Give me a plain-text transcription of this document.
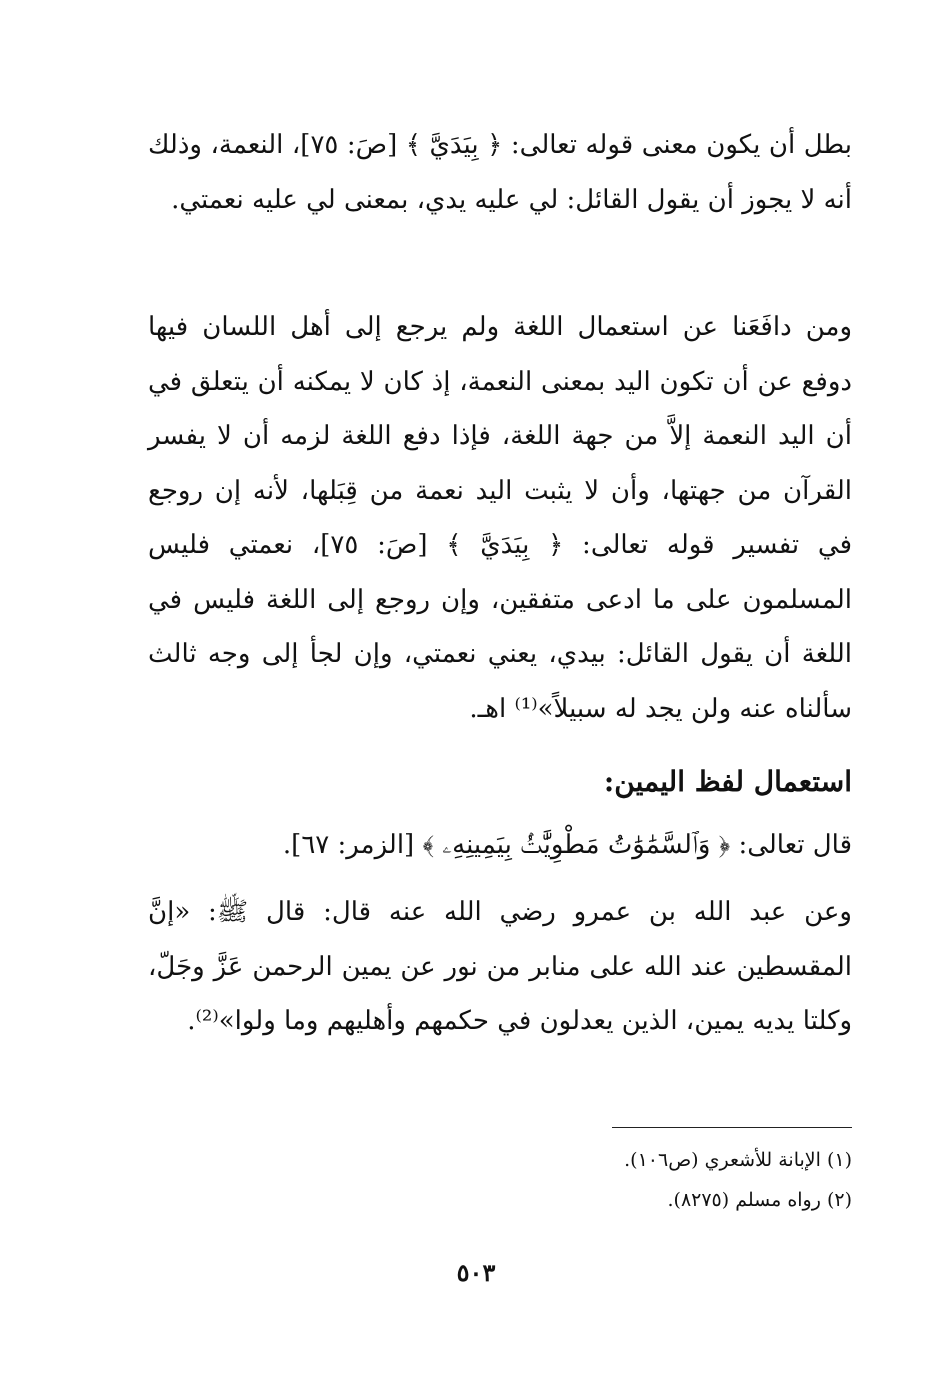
بطل أن يكون معنى قوله تعالى: ﴿ بِيَدَيَّ ﴾ [صَ: ٧٥]، النعمة، وذلك أنه لا يجوز أن يقول القائل: لي عليه يدي، بمعنى لي عليه نعمتي.

ومن دافَعَنا عن استعمال اللغة ولم يرجع إلى أهل اللسان فيها دوفع عن أن تكون اليد بمعنى النعمة، إذ كان لا يمكنه أن يتعلق في أن اليد النعمة إلاَّ من جهة اللغة، فإذا دفع اللغة لزمه أن لا يفسر القرآن من جهتها، وأن لا يثبت اليد نعمة من قِبَلها، لأنه إن روجع في تفسير قوله تعالى: ﴿ بِيَدَيَّ ﴾ [صَ: ٧٥]، نعمتي فليس المسلمون على ما ادعى متفقين، وإن روجع إلى اللغة فليس في اللغة أن يقول القائل: بيدي، يعني نعمتي، وإن لجأ إلى وجه ثالث سألناه عنه ولن يجد له سبيلاً»⁽¹⁾ اهـ.

استعمال لفظ اليمين:

قال تعالى: ﴿ وَٱلسَّمَٰوَٰتُ مَطْوِيَّٰتُۢ بِيَمِينِهِۦ ﴾ [الزمر: ٦٧].

وعن عبد الله بن عمرو رضي الله عنه قال: قال ﷺ: «إنَّ المقسطين عند الله على منابر من نور عن يمين الرحمن عَزَّ وجَلّ، وكلتا يديه يمين، الذين يعدلون في حكمهم وأهليهم وما ولوا»⁽²⁾.

(١) الإبانة للأشعري (ص١٠٦).

(٢) رواه مسلم (٨٢٧٥).

٥٠٣
